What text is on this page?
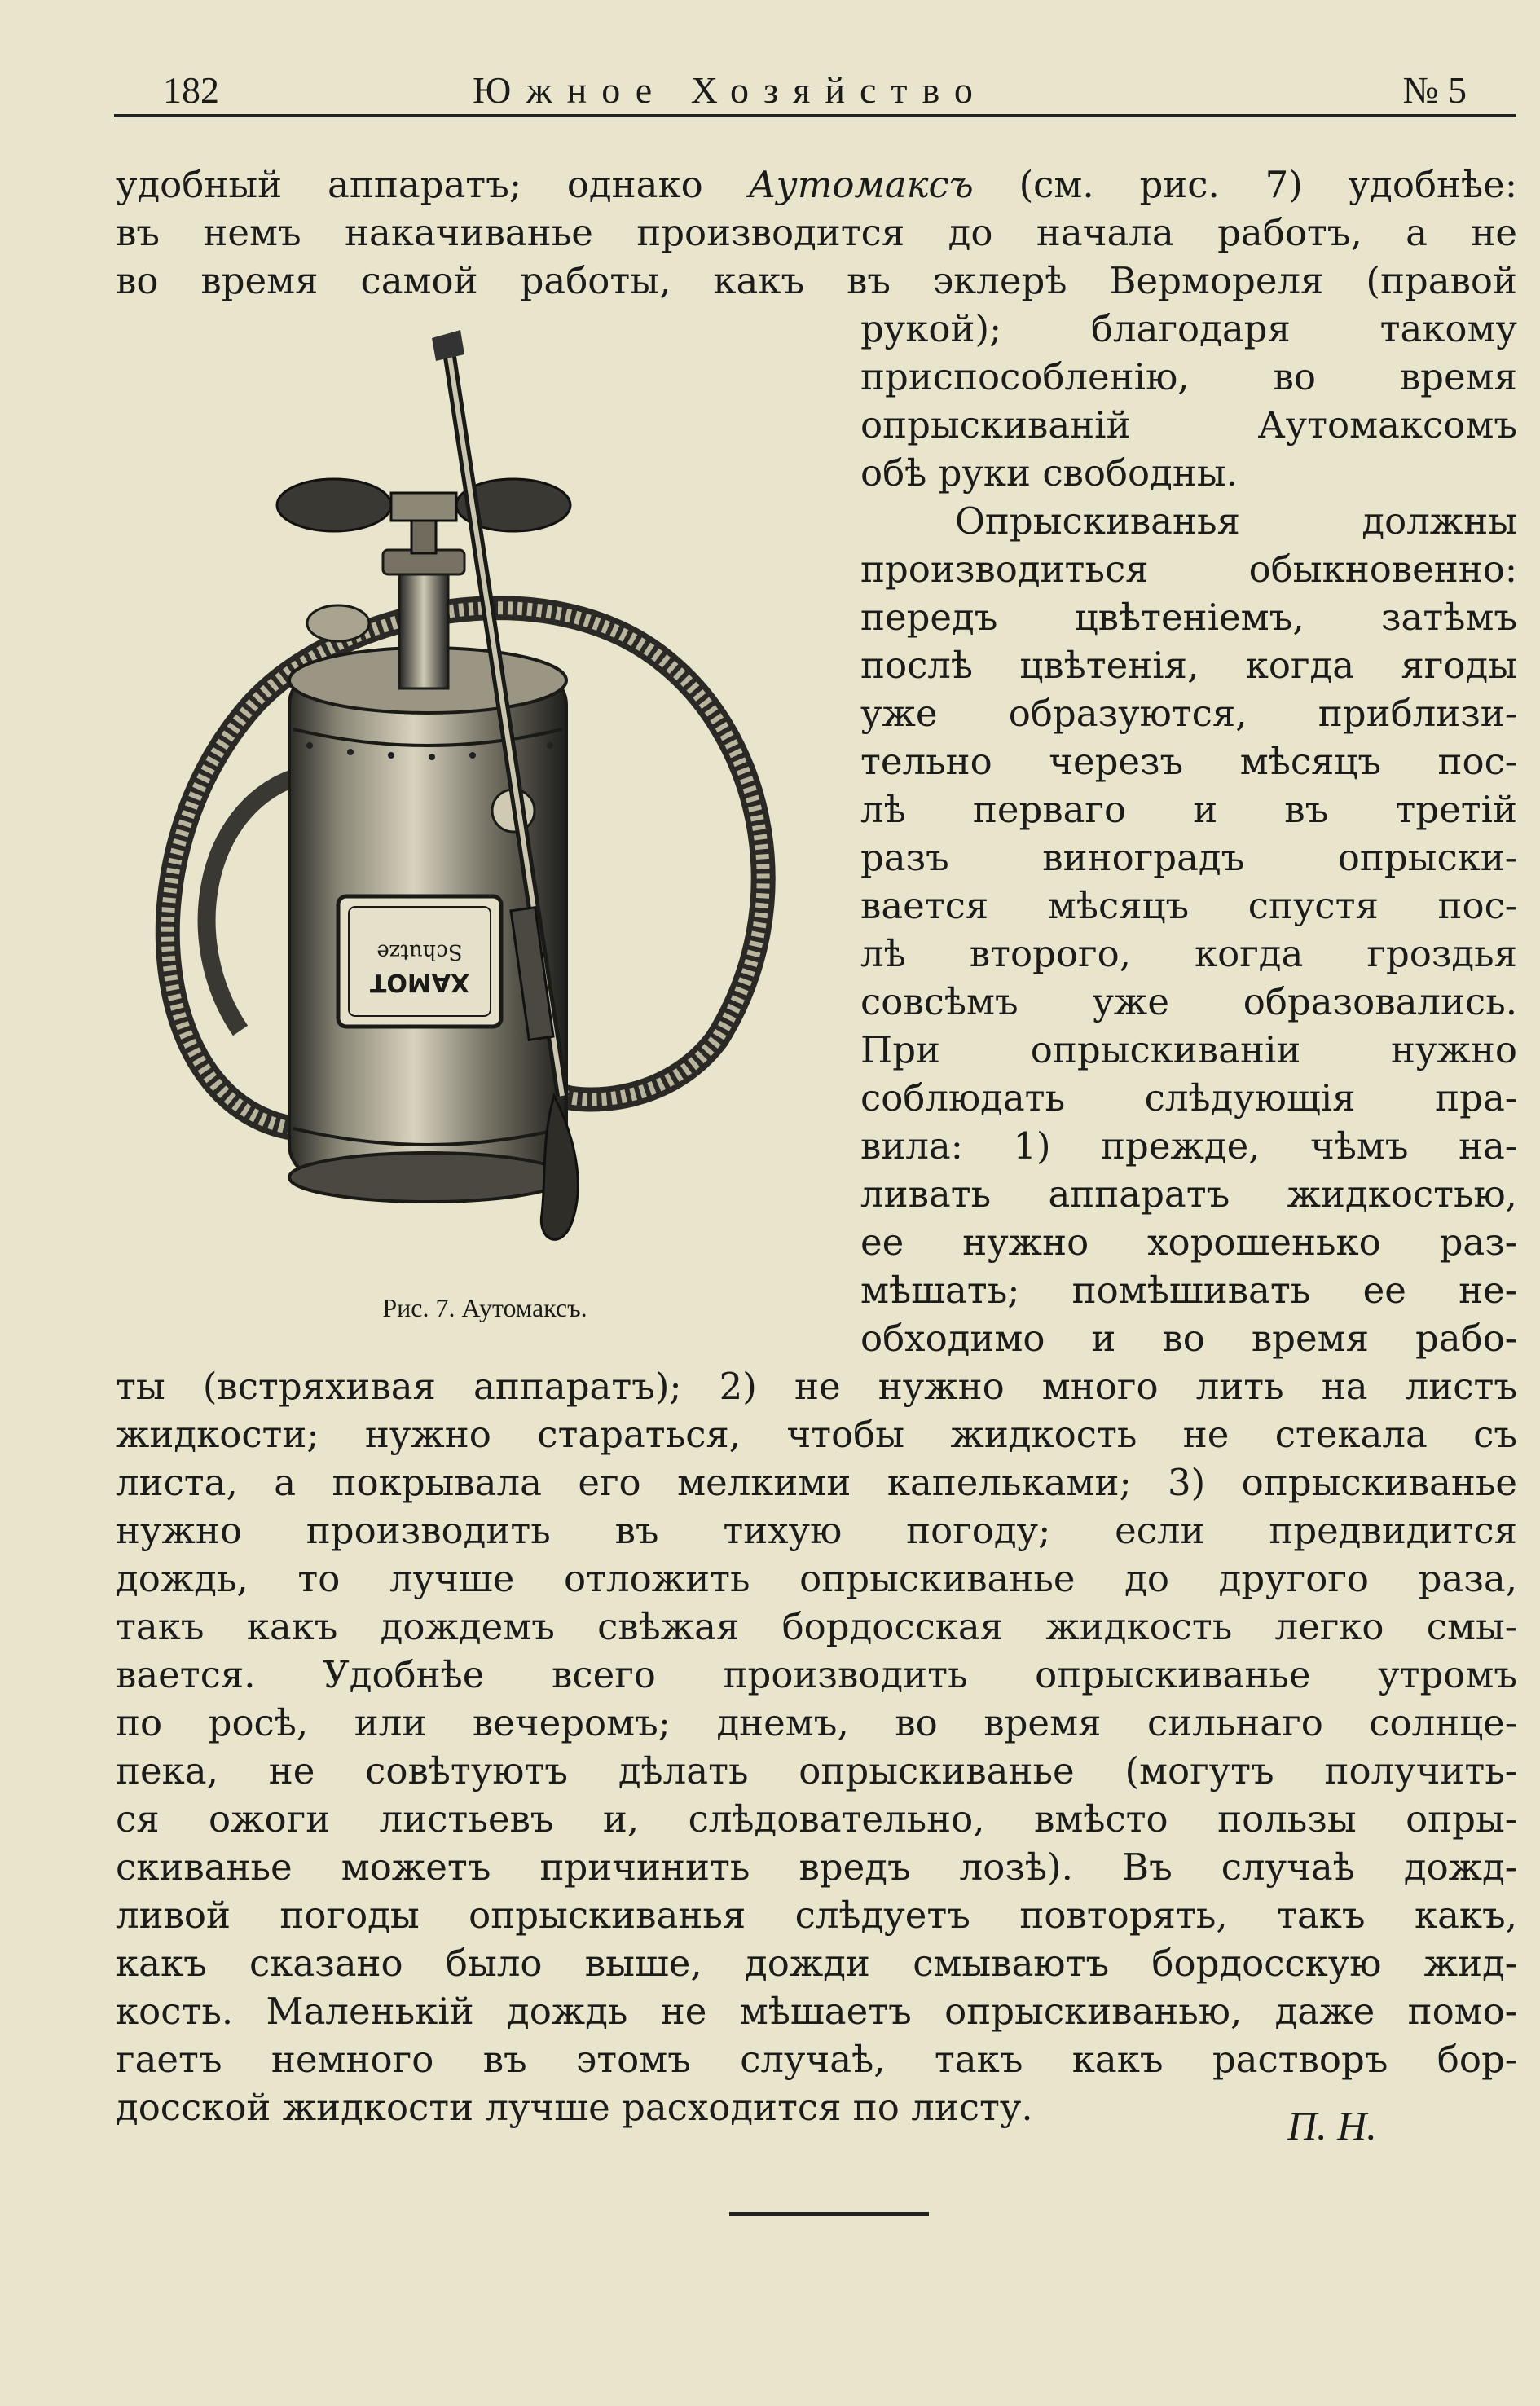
182	Южное Хозяйство	№ 5
удобный аппаратъ; однако Аутомаксъ (см. рис. 7) удобнѣе:
въ немъ накачиванье производится до начала работъ, а не
во время самой работы, какъ въ эклерѣ Верморeля (правой
рукой); благодаря такому
приспособленію, во время
опрыскиваній Аутомаксомъ
обѣ руки свободны.
Опрыскиванья должны
производиться обыкновенно:
передъ цвѣтеніемъ, затѣмъ
послѣ цвѣтенія, когда ягоды
уже образуются, приблизи-
тельно черезъ мѣсяцъ пос-
лѣ перваго и въ третій
разъ виноградъ опрыски-
вается мѣсяцъ спустя пос-
лѣ второго, когда гроздья
совсѣмъ уже образовались.
При опрыскиваніи нужно
соблюдать слѣдующія пра-
вила: 1) прежде, чѣмъ на-
ливать аппаратъ жидкостью,
ее нужно хорошенько раз-
мѣшать; помѣшивать ее не-
обходимо и во время рабо-
Schutze
XAMOT
Рис. 7. Аутомаксъ.
ты (встряхивая аппаратъ); 2) не нужно много лить на листъ
жидкости; нужно стараться, чтобы жидкость не стекала съ
листа, а покрывала его мелкими капельками; 3) опрыскиванье
нужно производить въ тихую погоду; если предвидится
дождь, то лучше отложить опрыскиванье до другого раза,
такъ какъ дождемъ свѣжая бордосская жидкость легко смы-
вается. Удобнѣе всего производить опрыскиванье утромъ
по росѣ, или вечеромъ; днемъ, во время сильнаго солнце-
пека, не совѣтуютъ дѣлать опрыскиванье (могутъ получить-
ся ожоги листьевъ и, слѣдовательно, вмѣсто пользы опры-
скиванье можетъ причинить вредъ лозѣ). Въ случаѣ дожд-
ливой погоды опрыскиванья слѣдуетъ повторять, такъ какъ,
какъ сказано было выше, дожди смываютъ бордосскую жид-
кость. Маленькій дождь не мѣшаетъ опрыскиванью, даже помо-
гаетъ немного въ этомъ случаѣ, такъ какъ растворъ бор-
досской жидкости лучше расходится по листу.	П. Н.
